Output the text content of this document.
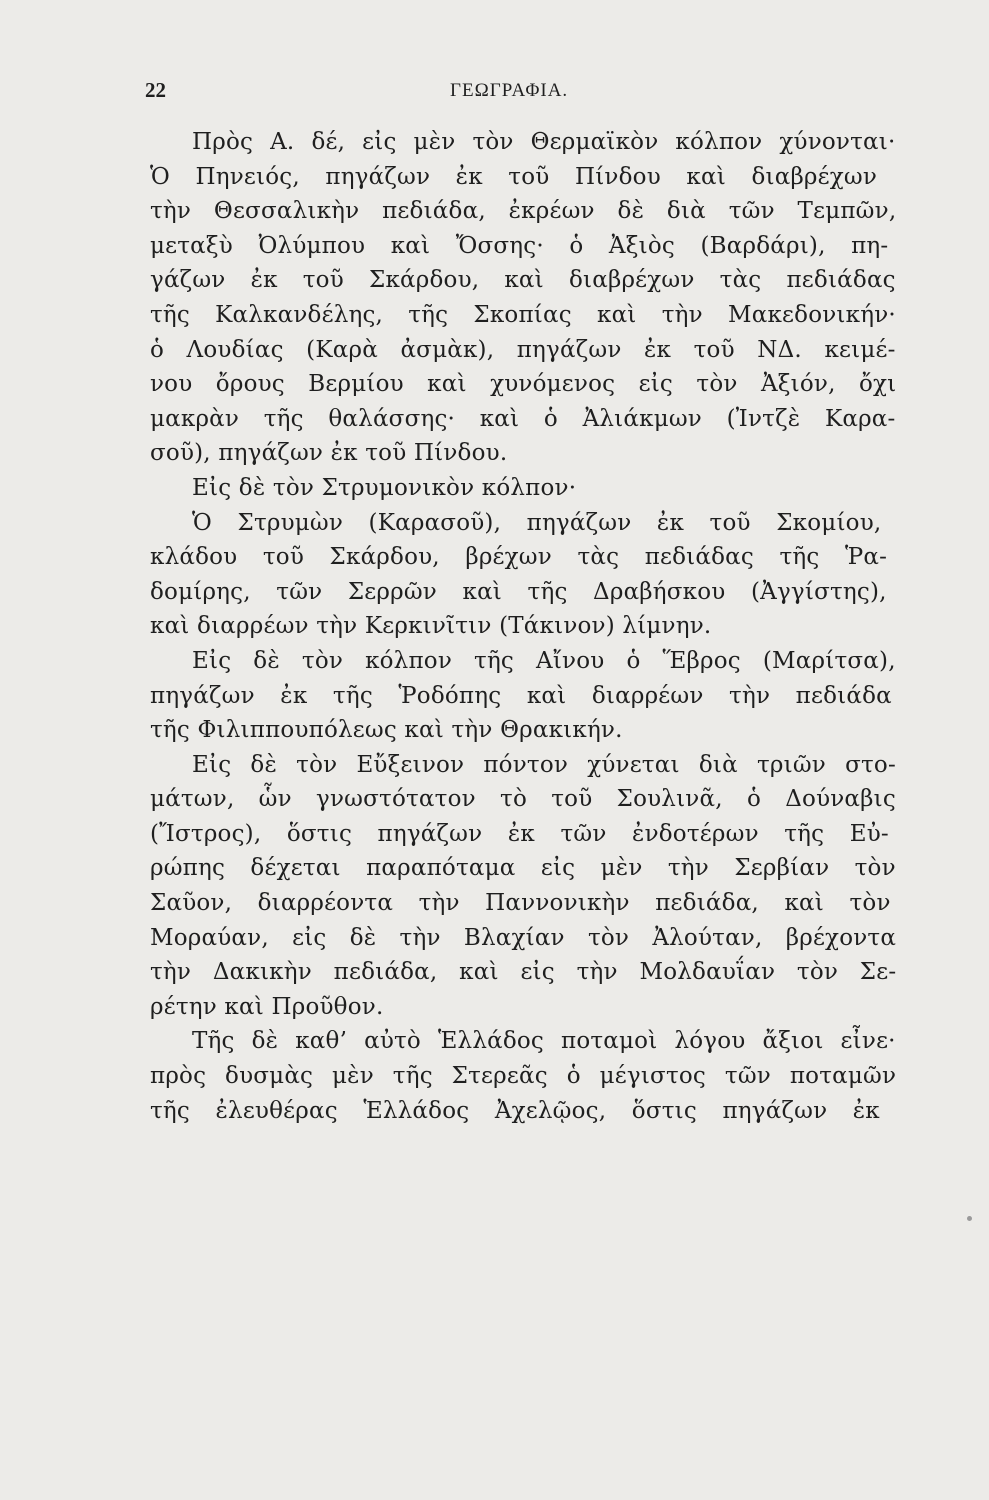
22	ΓΕΩΓΡΑΦΙΑ.
Πρὸς Α. δέ, εἰς μὲν τὸν Θερμαϊκὸν κόλπον χύνονται·
Ὁ Πηνειός, πηγάζων ἐκ τοῦ Πίνδου καὶ διαβρέχων
τὴν Θεσσαλικὴν πεδιάδα, ἐκρέων δὲ διὰ τῶν Τεμπῶν,
μεταξὺ Ὀλύμπου καὶ Ὄσσης· ὁ Ἀξιὸς (Βαρδάρι), πη-
γάζων ἐκ τοῦ Σκάρδου, καὶ διαβρέχων τὰς πεδιάδας
τῆς Καλκανδέλης, τῆς Σκοπίας καὶ τὴν Μακεδονικήν·
ὁ Λουδίας (Καρὰ ἀσμὰκ), πηγάζων ἐκ τοῦ ΝΔ. κειμέ-
νου ὄρους Βερμίου καὶ χυνόμενος εἰς τὸν Ἀξιόν, ὄχι
μακρὰν τῆς θαλάσσης· καὶ ὁ Ἀλιάκμων (Ἰντζὲ Καρα-
σοῦ), πηγάζων ἐκ τοῦ Πίνδου.
Εἰς δὲ τὸν Στρυμονικὸν κόλπον·
Ὁ Στρυμὼν (Καρασοῦ), πηγάζων ἐκ τοῦ Σκομίου,
κλάδου τοῦ Σκάρδου, βρέχων τὰς πεδιάδας τῆς Ῥα-
δομίρης, τῶν Σερρῶν καὶ τῆς Δραβήσκου (Ἀγγίστης),
καὶ διαρρέων τὴν Κερκινῖτιν (Τάκινον) λίμνην.
Εἰς δὲ τὸν κόλπον τῆς Αἴνου ὁ Ἕβρος (Μαρίτσα),
πηγάζων ἐκ τῆς Ῥοδόπης καὶ διαρρέων τὴν πεδιάδα
τῆς Φιλιππουπόλεως καὶ τὴν Θρακικήν.
Εἰς δὲ τὸν Εὔξεινον πόντον χύνεται διὰ τριῶν στο-
μάτων, ὧν γνωστότατον τὸ τοῦ Σουλινᾶ, ὁ Δούναβις
(Ἴστρος), ὅστις πηγάζων ἐκ τῶν ἐνδοτέρων τῆς Εὐ-
ρώπης δέχεται παραπόταμα εἰς μὲν τὴν Σερβίαν τὸν
Σαῦον, διαρρέοντα τὴν Παννονικὴν πεδιάδα, καὶ τὸν
Μοραύαν, εἰς δὲ τὴν Βλαχίαν τὸν Ἀλούταν, βρέχοντα
τὴν Δακικὴν πεδιάδα, καὶ εἰς τὴν Μολδαυΐαν τὸν Σε-
ρέτην καὶ Προῦθον.
Τῆς δὲ καθ’ αὐτὸ Ἑλλάδος ποταμοὶ λόγου ἄξιοι εἶνε·
πρὸς δυσμὰς μὲν τῆς Στερεᾶς ὁ μέγιστος τῶν ποταμῶν
τῆς ἐλευθέρας Ἑλλάδος Ἀχελῷος, ὅστις πηγάζων ἐκ
